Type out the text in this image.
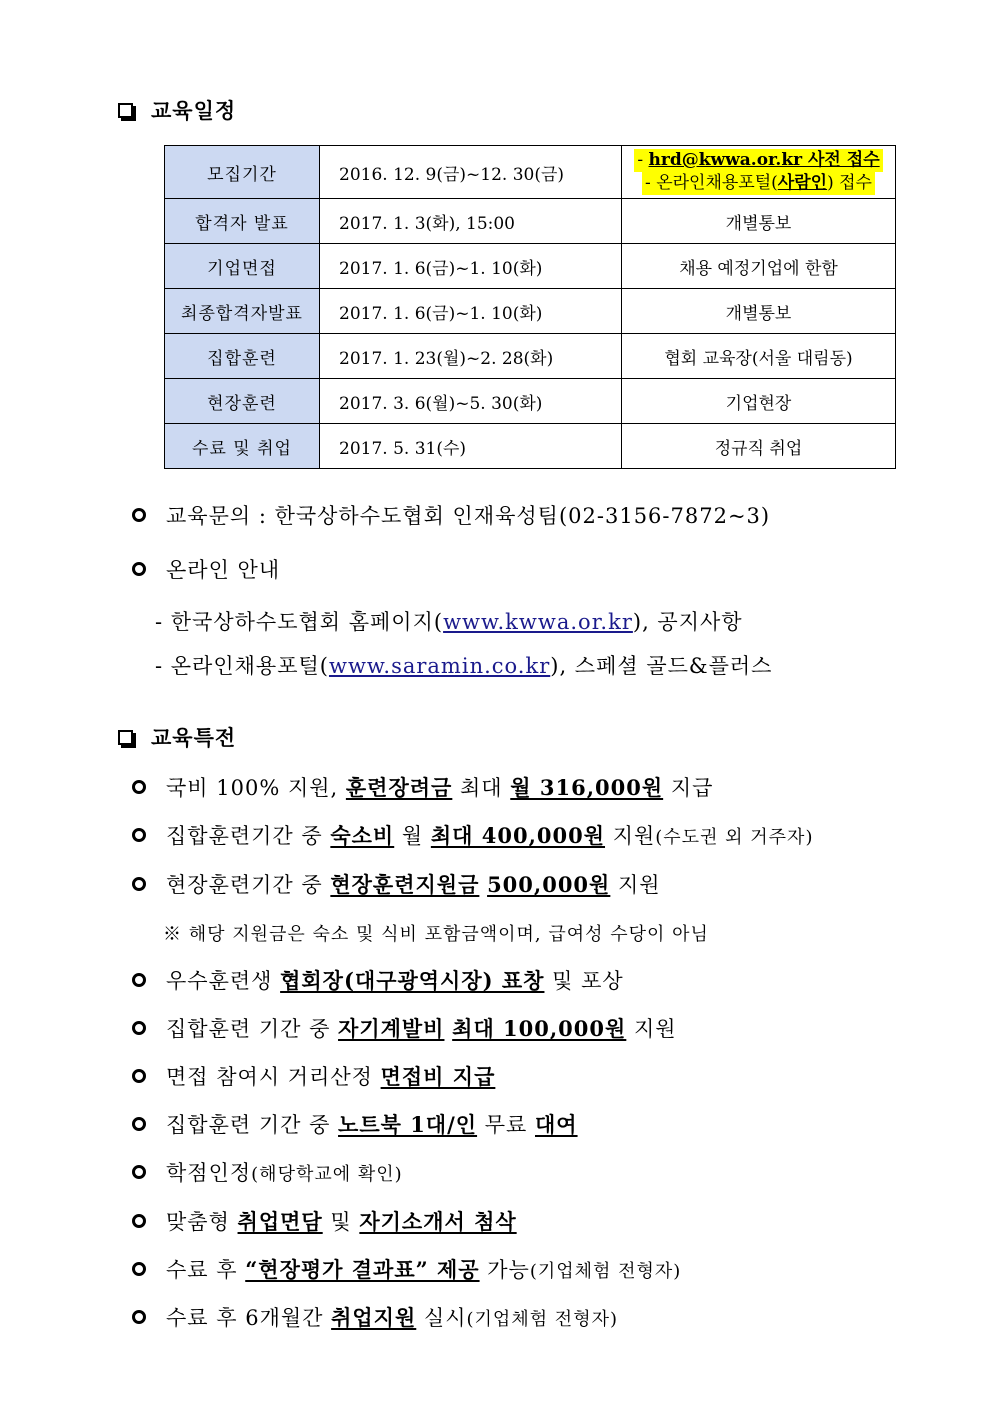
교육일정
모집기간	2016. 12. 9(금)~12. 30(금)	- hrd@kwwa.or.kr 사전 접수
- 온라인채용포털(사람인) 접수

합격자 발표	2017. 1. 3(화), 15:00	개별통보
기업면접	2017. 1. 6(금)~1. 10(화)	채용 예정기업에 한함
최종합격자발표	2017. 1. 6(금)~1. 10(화)	개별통보
집합훈련	2017. 1. 23(월)~2. 28(화)	협회 교육장(서울 대림동)
현장훈련	2017. 3. 6(월)~5. 30(화)	기업현장
수료 및 취업	2017. 5. 31(수)	정규직 취업
교육문의 : 한국상하수도협회 인재육성팀(02-3156-7872~3)
온라인 안내
- 한국상하수도협회 홈페이지(www.kwwa.or.kr), 공지사항
- 온라인채용포털(www.saramin.co.kr), 스페셜 골드&플러스
교육특전
국비 100% 지원, 훈련장려금 최대 월 316,000원 지급
집합훈련기간 중 숙소비 월 최대 400,000원 지원(수도권 외 거주자)
현장훈련기간 중 현장훈련지원금 500,000원 지원
※ 해당 지원금은 숙소 및 식비 포함금액이며, 급여성 수당이 아님
우수훈련생 협회장(대구광역시장) 표창 및 포상
집합훈련 기간 중 자기계발비 최대 100,000원 지원
면접 참여시 거리산정 면접비 지급
집합훈련 기간 중 노트북 1대/인 무료 대여
학점인정(해당학교에 확인)
맞춤형 취업면담 및 자기소개서 첨삭
수료 후 “현장평가 결과표” 제공 가능(기업체험 전형자)
수료 후 6개월간 취업지원 실시(기업체험 전형자)
